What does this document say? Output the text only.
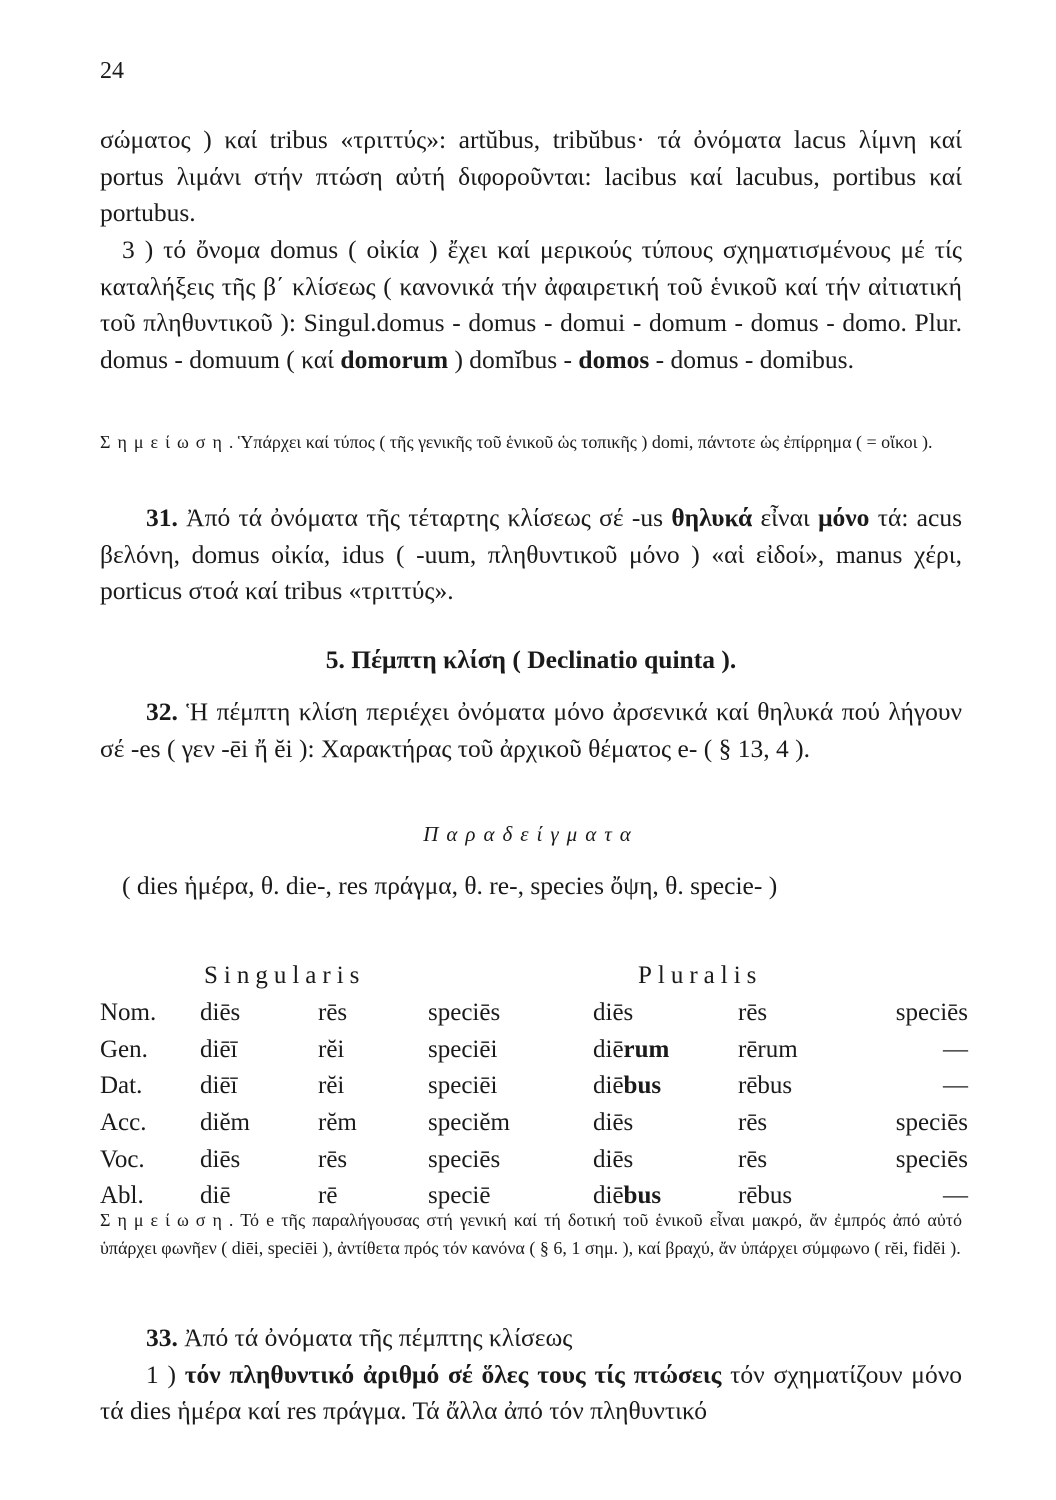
24

σώματος ) καί tribus «τριττύς»: artŭbus, tribŭbus· τά ὀνόματα lacus λίμνη καί portus λιμάνι στήν πτώση αὐτή διφοροῦνται: lacibus καί lacubus, portibus καί portubus.

3 ) τό ὄνομα domus ( οἰκία ) ἔχει καί μερικούς τύπους σχηματισμένους μέ τίς καταλήξεις τῆς β΄ κλίσεως ( κανονικά τήν ἀφαιρετική τοῦ ἑνικοῦ καί τήν αἰτιατική τοῦ πληθυντικοῦ ): Singul.domus - domus - domui - domum - domus - domo. Plur. domus - domuum ( καί domorum ) domĭbus - domos - domus - domibus.

Σημείωση. Ὑπάρχει καί τύπος ( τῆς γενικῆς τοῦ ἑνικοῦ ὡς τοπικῆς ) domi, πάντοτε ὡς ἐπίρρημα ( = οἴκοι ).

31. Ἀπό τά ὀνόματα τῆς τέταρτης κλίσεως σέ -us θηλυκά εἶναι μόνο τά: acus βελόνη, domus οἰκία, idus ( -uum, πληθυντικοῦ μόνο ) «αἱ εἰδοί», manus χέρι, porticus στοά καί tribus «τριττύς».

5. Πέμπτη κλίση ( Declinatio quinta ).

32. Ἡ πέμπτη κλίση περιέχει ὀνόματα μόνο ἀρσενικά καί θηλυκά πού λήγουν σέ -es ( γεν -ēi ἤ ĕi ): Χαρακτήρας τοῦ ἀρχικοῦ θέματος e- ( § 13, 4 ).

Παραδείγματα

( dies ἡμέρα, θ. die-, res πράγμα, θ. re-, species ὄψη, θ. specie- )

Singularis				Pluralis		
Nom.	diēs	rēs	speciēs	diēs	rēs	speciēs
Gen.	diēī	rĕi	speciēi	diērum	rērum	—
Dat.	diēī	rĕi	speciēi	diēbus	rēbus	—
Acc.	diĕm	rĕm	speciĕm	diēs	rēs	speciēs
Voc.	diēs	rēs	speciēs	diēs	rēs	speciēs
Abl.	diē	rē	speciē	diēbus	rēbus	—

Σημείωση. Τό e τῆς παραλήγουσας στή γενική καί τή δοτική τοῦ ἑνικοῦ εἶναι μακρό, ἄν ἐμπρός ἀπό αὐτό ὑπάρχει φωνῆεν ( diēi, speciēi ), ἀντίθετα πρός τόν κανόνα ( § 6, 1 σημ. ), καί βραχύ, ἄν ὑπάρχει σύμφωνο ( rĕi, fidĕi ).

33. Ἀπό τά ὀνόματα τῆς πέμπτης κλίσεως

1 ) τόν πληθυντικό ἀριθμό σέ ὅλες τους τίς πτώσεις τόν σχηματίζουν μόνο τά dies ἡμέρα καί res πράγμα. Τά ἄλλα ἀπό τόν πληθυντικό
